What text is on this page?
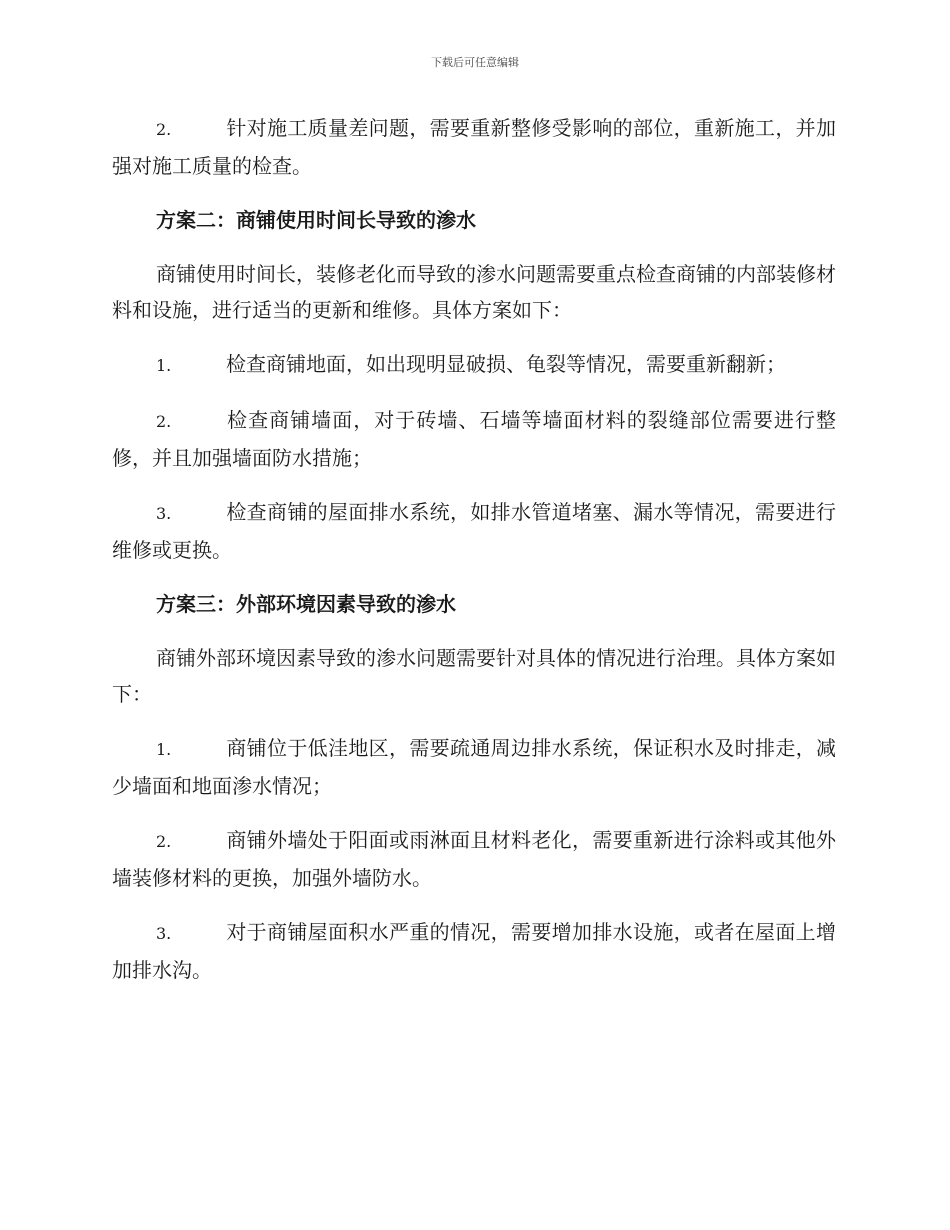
下载后可任意编辑
2.	针对施工质量差问题，需要重新整修受影响的部位，重新施工，并加强对施工质量的检查。
方案二：商铺使用时间长导致的渗水
商铺使用时间长，装修老化而导致的渗水问题需要重点检查商铺的内部装修材料和设施，进行适当的更新和维修。具体方案如下：
1.	检查商铺地面，如出现明显破损、龟裂等情况，需要重新翻新；
2.	检查商铺墙面，对于砖墙、石墙等墙面材料的裂缝部位需要进行整修，并且加强墙面防水措施；
3.	检查商铺的屋面排水系统，如排水管道堵塞、漏水等情况，需要进行维修或更换。
方案三：外部环境因素导致的渗水
商铺外部环境因素导致的渗水问题需要针对具体的情况进行治理。具体方案如下：
1.	商铺位于低洼地区，需要疏通周边排水系统，保证积水及时排走，减少墙面和地面渗水情况；
2.	商铺外墙处于阳面或雨淋面且材料老化，需要重新进行涂料或其他外墙装修材料的更换，加强外墙防水。
3.	对于商铺屋面积水严重的情况，需要增加排水设施，或者在屋面上增加排水沟。
